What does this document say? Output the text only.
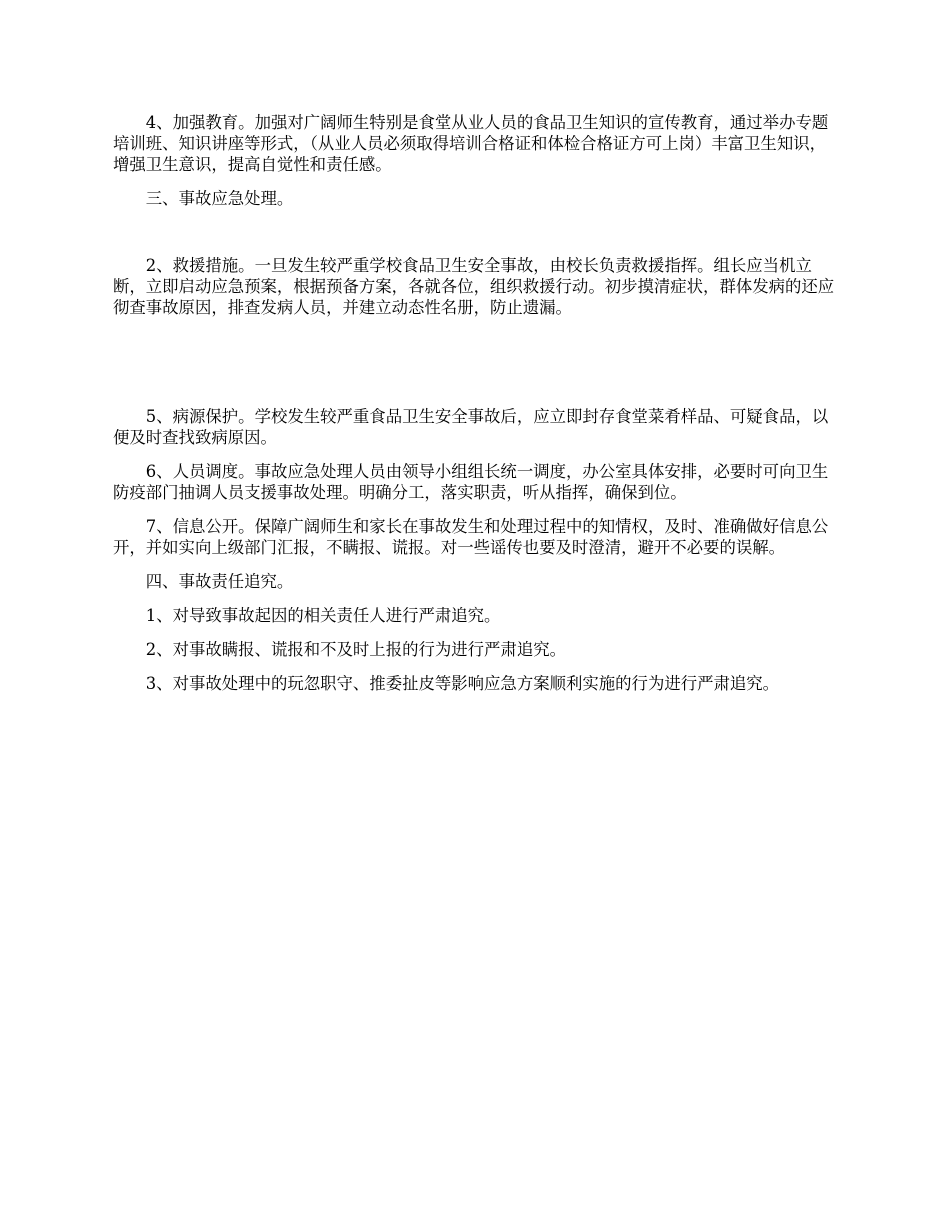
4、加强教育。加强对广阔师生特别是食堂从业人员的食品卫生知识的宣传教育，通过举办专题培训班、知识讲座等形式，（从业人员必须取得培训合格证和体检合格证方可上岗）丰富卫生知识，增强卫生意识，提高自觉性和责任感。

三、事故应急处理。

2、救援措施。一旦发生较严重学校食品卫生安全事故，由校长负责救援指挥。组长应当机立断，立即启动应急预案，根据预备方案，各就各位，组织救援行动。初步摸清症状，群体发病的还应彻查事故原因，排查发病人员，并建立动态性名册，防止遗漏。

5、病源保护。学校发生较严重食品卫生安全事故后，应立即封存食堂菜肴样品、可疑食品，以便及时查找致病原因。

6、人员调度。事故应急处理人员由领导小组组长统一调度，办公室具体安排，必要时可向卫生防疫部门抽调人员支援事故处理。明确分工，落实职责，听从指挥，确保到位。

7、信息公开。保障广阔师生和家长在事故发生和处理过程中的知情权，及时、准确做好信息公开，并如实向上级部门汇报，不瞒报、谎报。对一些谣传也要及时澄清，避开不必要的误解。

四、事故责任追究。

1、对导致事故起因的相关责任人进行严肃追究。

2、对事故瞒报、谎报和不及时上报的行为进行严肃追究。

3、对事故处理中的玩忽职守、推委扯皮等影响应急方案顺利实施的行为进行严肃追究。
